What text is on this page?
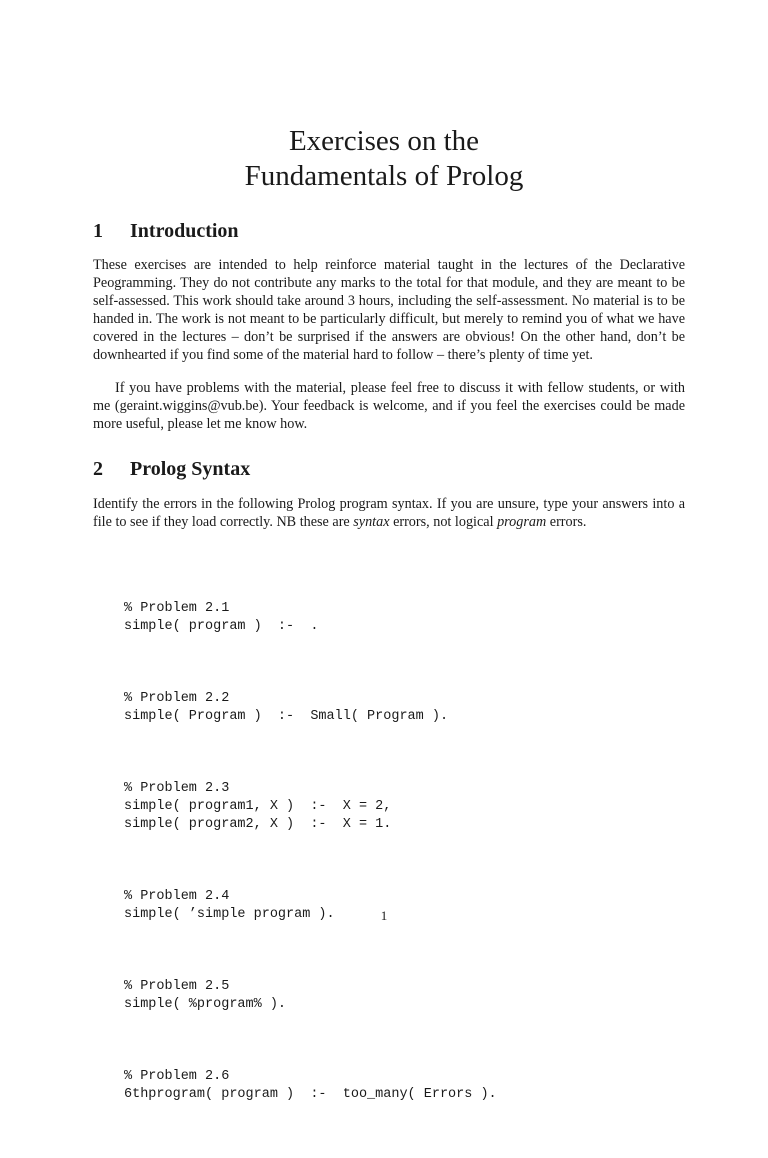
Exercises on the
Fundamentals of Prolog
1 Introduction

These exercises are intended to help reinforce material taught in the lectures of the Declarative Peogramming. They do not contribute any marks to the total for that module, and they are meant to be self-assessed. This work should take around 3 hours, including the self-assessment. No material is to be handed in. The work is not meant to be particularly difficult, but merely to remind you of what we have covered in the lectures – don’t be surprised if the answers are obvious! On the other hand, don’t be downhearted if you find some of the material hard to follow – there’s plenty of time yet.

If you have problems with the material, please feel free to discuss it with fellow students, or with me (geraint.wiggins@vub.be). Your feedback is welcome, and if you feel the exercises could be made more useful, please let me know how.

2 Prolog Syntax

Identify the errors in the following Prolog program syntax. If you are unsure, type your answers into a file to see if they load correctly. NB these are syntax errors, not logical program errors.

% Problem 2.1
simple( program )  :-  .

% Problem 2.2
simple( Program )  :-  Small( Program ).

% Problem 2.3
simple( program1, X )  :-  X = 2,
simple( program2, X )  :-  X = 1.

% Problem 2.4
simple( ’simple program ).

% Problem 2.5
simple( %program% ).

% Problem 2.6
6thprogram( program )  :-  too_many( Errors ).

1
